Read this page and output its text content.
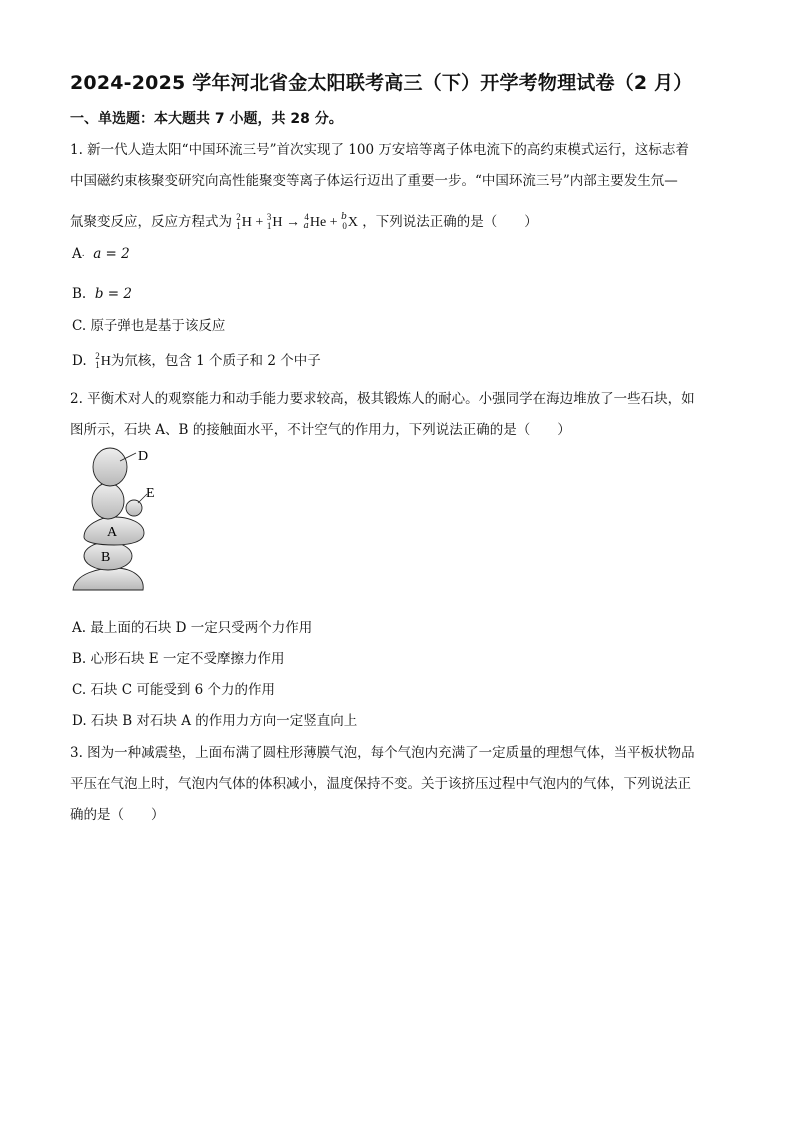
2024-2025 学年河北省金太阳联考高三（下）开学考物理试卷（2 月）
一、单选题：本大题共 7 小题，共 28 分。
1. 新一代人造太阳“中国环流三号”首次实现了 100 万安培等离子体电流下的高约束模式运行，这标志着
中国磁约束核聚变研究向高性能聚变等离子体运行迈出了重要一步。“中国环流三号”内部主要发生氘—
氚聚变反应，反应方程式为 2
1 H + 3
1 H → 4
a He + b
0 X ，下列说法正确的是（　　）
A. a = 2
B. b = 2
C. 原子弹也是基于该反应
D. 2
1 H为氘核，包含 1 个质子和 2 个中子
2. 平衡术对人的观察能力和动手能力要求较高，极其锻炼人的耐心。小强同学在海边堆放了一些石块，如
图所示，石块 A、B 的接触面水平，不计空气的作用力，下列说法正确的是（　　）
D
E
A
B
A. 最上面的石块 D 一定只受两个力作用
B. 心形石块 E 一定不受摩擦力作用
C. 石块 C 可能受到 6 个力的作用
D. 石块 B 对石块 A 的作用力方向一定竖直向上
3. 图为一种减震垫，上面布满了圆柱形薄膜气泡，每个气泡内充满了一定质量的理想气体，当平板状物品
平压在气泡上时，气泡内气体的体积减小，温度保持不变。关于该挤压过程中气泡内的气体，下列说法正
确的是（　　）
